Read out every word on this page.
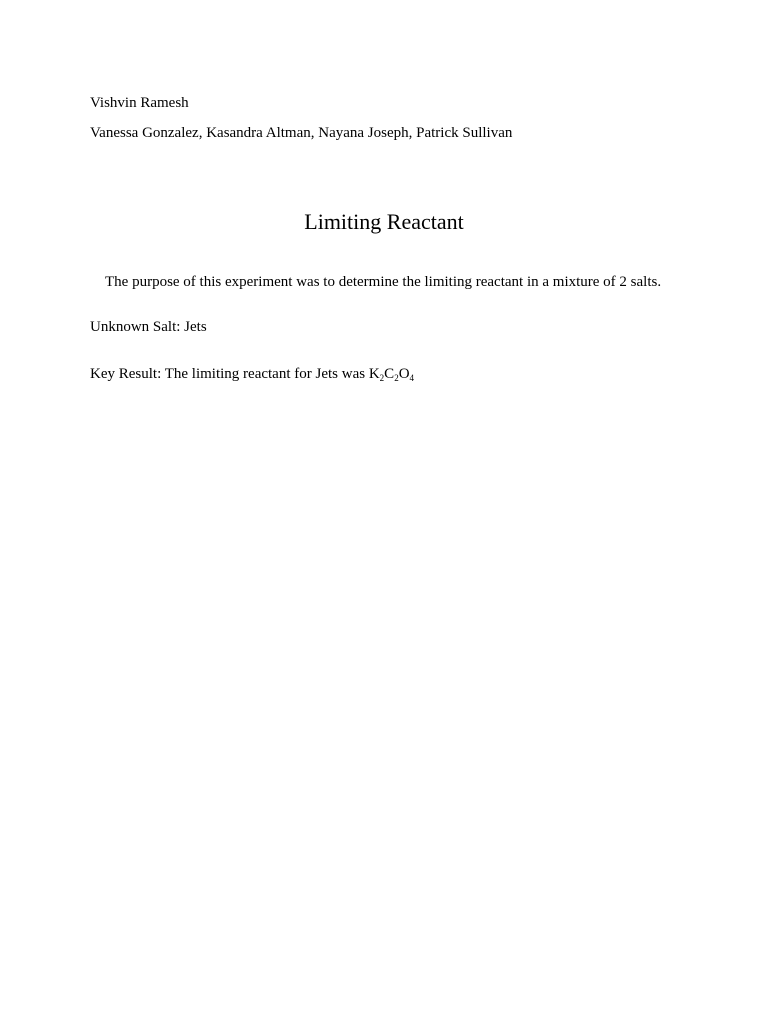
Vishvin Ramesh
Vanessa Gonzalez, Kasandra Altman, Nayana Joseph, Patrick Sullivan
Limiting Reactant
The purpose of this experiment was to determine the limiting reactant in a mixture of 2 salts.
Unknown Salt: Jets
Key Result: The limiting reactant for Jets was $K_2C_2O_4$
